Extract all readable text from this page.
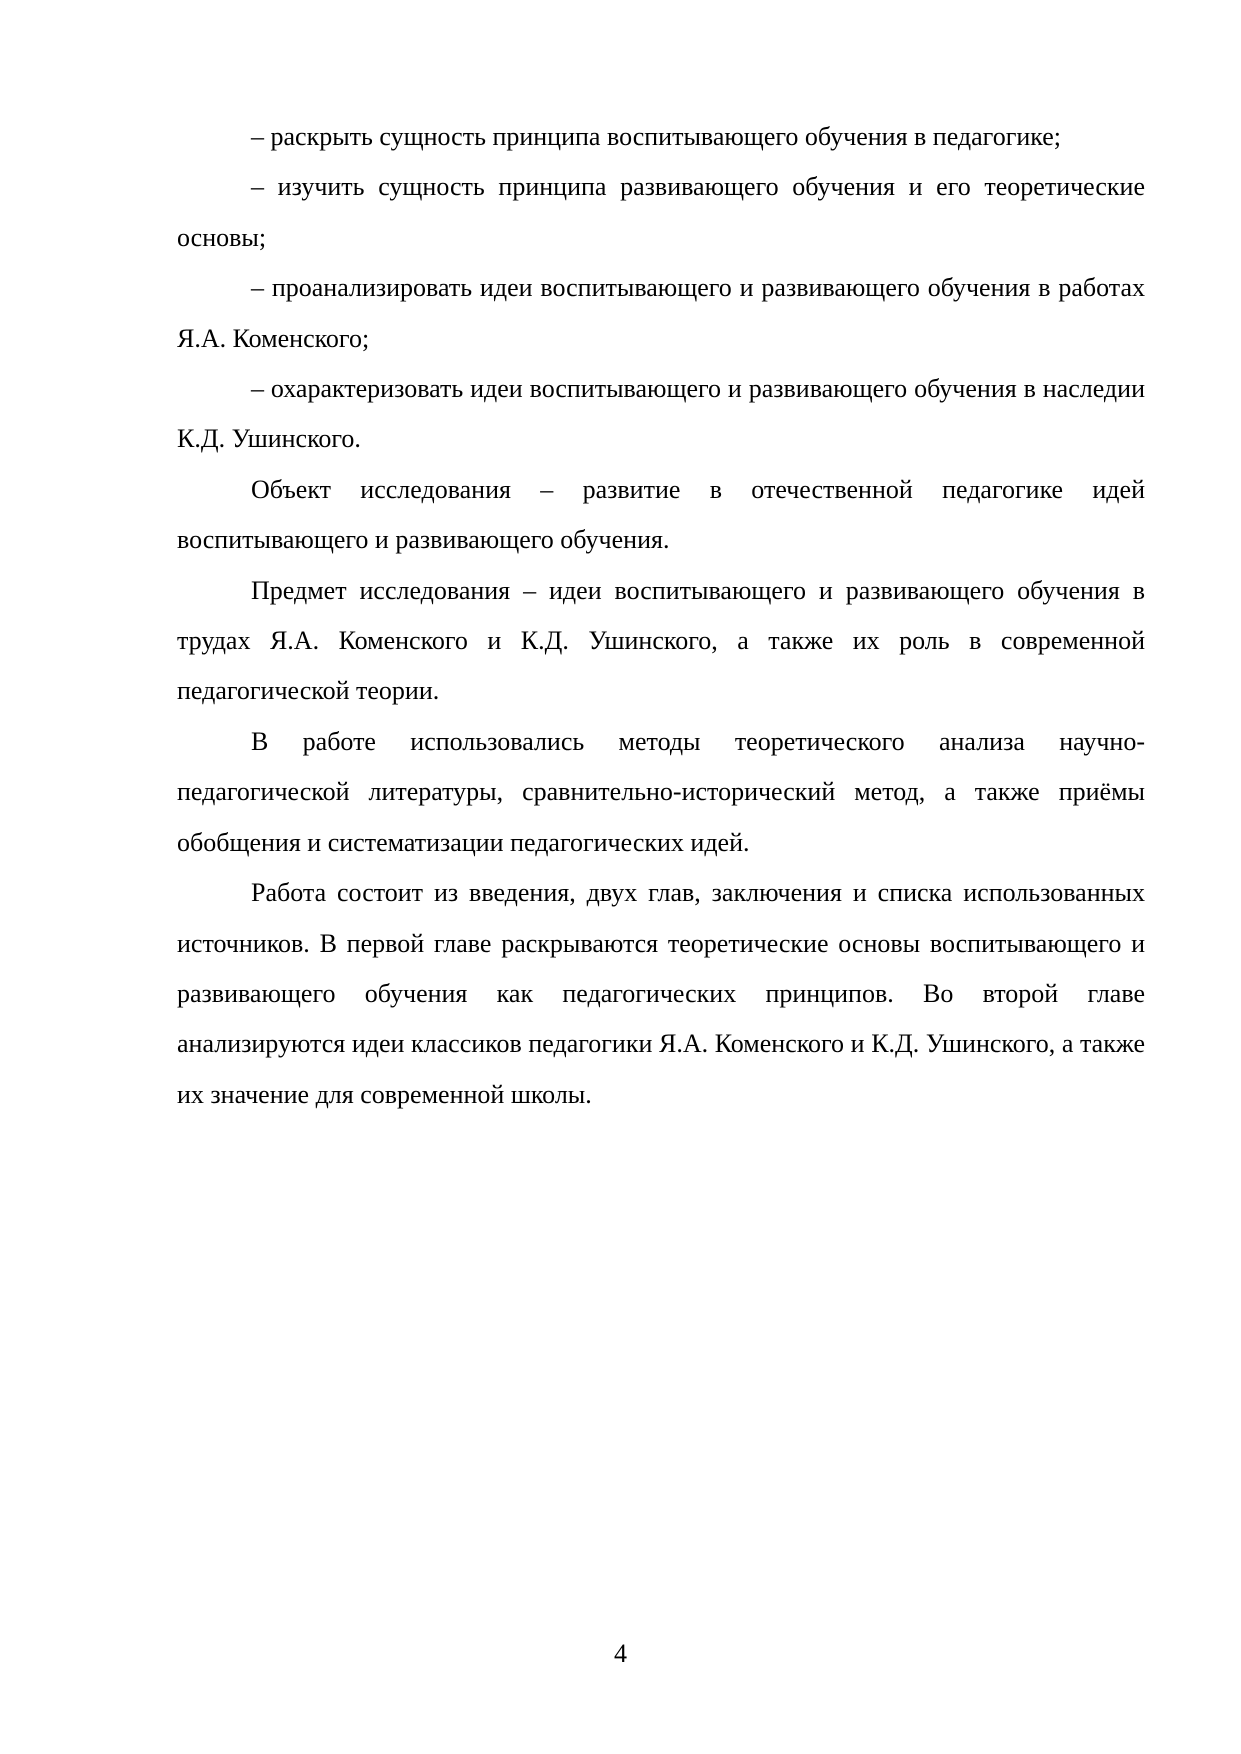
– раскрыть сущность принципа воспитывающего обучения в педагогике;

– изучить сущность принципа развивающего обучения и его теоретические основы;

– проанализировать идеи воспитывающего и развивающего обучения в работах Я.А. Коменского;

– охарактеризовать идеи воспитывающего и развивающего обучения в наследии К.Д. Ушинского.

Объект исследования – развитие в отечественной педагогике идей воспитывающего и развивающего обучения.

Предмет исследования – идеи воспитывающего и развивающего обучения в трудах Я.А. Коменского и К.Д. Ушинского, а также их роль в современной педагогической теории.

В работе использовались методы теоретического анализа научно-педагогической литературы, сравнительно-исторический метод, а также приёмы обобщения и систематизации педагогических идей.

Работа состоит из введения, двух глав, заключения и списка использованных источников. В первой главе раскрываются теоретические основы воспитывающего и развивающего обучения как педагогических принципов. Во второй главе анализируются идеи классиков педагогики Я.А. Коменского и К.Д. Ушинского, а также их значение для современной школы.

4
